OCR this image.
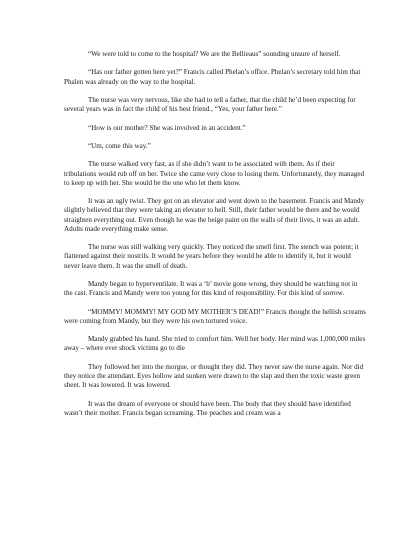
“We were told to come to the hospital? We are the Bellieaus” sounding unsure of herself.

“Has our father gotten here yet?” Francis called Phelan’s office. Phelan’s secretary told him that Phalen was already on the way to the hospital.

The nurse was very nervous, like she had to tell a father, that the child he’d been expecting for several years was in fact the child of his best friend., “Yes, your father here.”

“How is our mother? She was involved in an accident.”

“Um, come this way.”

The nurse walked very fast, as if she didn’t want to be associated with them. As if their tribulations would rub off on her. Twice she came very close to losing them. Unfortunately, they managed to keep up with her. She would be the one who let them know.

It was an ugly twist. They got on an elevator and went down to the basement. Francis and Mandy slightly believed that they were taking an elevator to hell. Still, their father would be there and he would straighten everything out. Even though he was the beige paint on the walls of their lives, it was an adult. Adults made everything make sense.

The nurse was still walking very quickly. They noticed the smell first. The stench was potent; it flattened against their nostrils. It would be years before they would be able to identify it, but it would never leave them. It was the smell of death.

Mandy began to hyperventilate. It was a ‘b’ movie gone wrong, they should be watching not in the cast. Francis and Mandy were too young for this kind of responsibility. For this kind of sorrow.

“MOMMY! MOMMY! MY GOD MY MOTHER’S DEAD!” Francis thought the hellish screams were coming from Mandy, but they were his own tortured voice.

Mandy grabbed his hand. She tried to comfort him. Well her body. Her mind was 1,000,000 miles away – where ever shock victims go to die

They followed her into the morgue, or thought they did. They never saw the nurse again. Nor did they notice the attendant. Eyes hollow and sunken were drawn to the slap and then the toxic waste green sheet. It was lowered. It was lowered.

It was the dream of everyone or should have been. The body that they should have identified wasn’t their mother. Francis began screaming. The peaches and cream was a
